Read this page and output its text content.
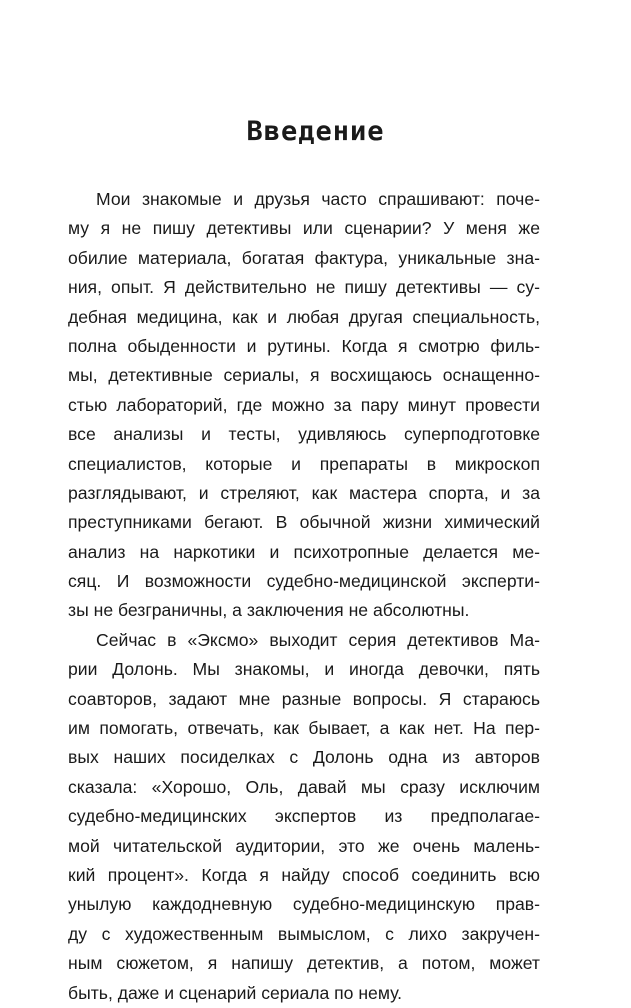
Введение
Мои знакомые и друзья часто спрашивают: поче-
му я не пишу детективы или сценарии? У меня же
обилие материала, богатая фактура, уникальные зна-
ния, опыт. Я действительно не пишу детективы — су-
дебная медицина, как и любая другая специальность,
полна обыденности и рутины. Когда я смотрю филь-
мы, детективные сериалы, я восхищаюсь оснащенно-
стью лабораторий, где можно за пару минут провести
все анализы и тесты, удивляюсь суперподготовке
специалистов, которые и препараты в микроскоп
разглядывают, и стреляют, как мастера спорта, и за
преступниками бегают. В обычной жизни химический
анализ на наркотики и психотропные делается ме-
сяц. И возможности судебно-медицинской эксперти-
зы не безграничны, а заключения не абсолютны.
Сейчас в «Эксмо» выходит серия детективов Ма-
рии Долонь. Мы знакомы, и иногда девочки, пять
соавторов, задают мне разные вопросы. Я стараюсь
им помогать, отвечать, как бывает, а как нет. На пер-
вых наших посиделках с Долонь одна из авторов
сказала: «Хорошо, Оль, давай мы сразу исключим
судебно-медицинских экспертов из предполагае-
мой читательской аудитории, это же очень малень-
кий процент». Когда я найду способ соединить всю
унылую каждодневную судебно-медицинскую прав-
ду с художественным вымыслом, с лихо закручен-
ным сюжетом, я напишу детектив, а потом, может
быть, даже и сценарий сериала по нему.
